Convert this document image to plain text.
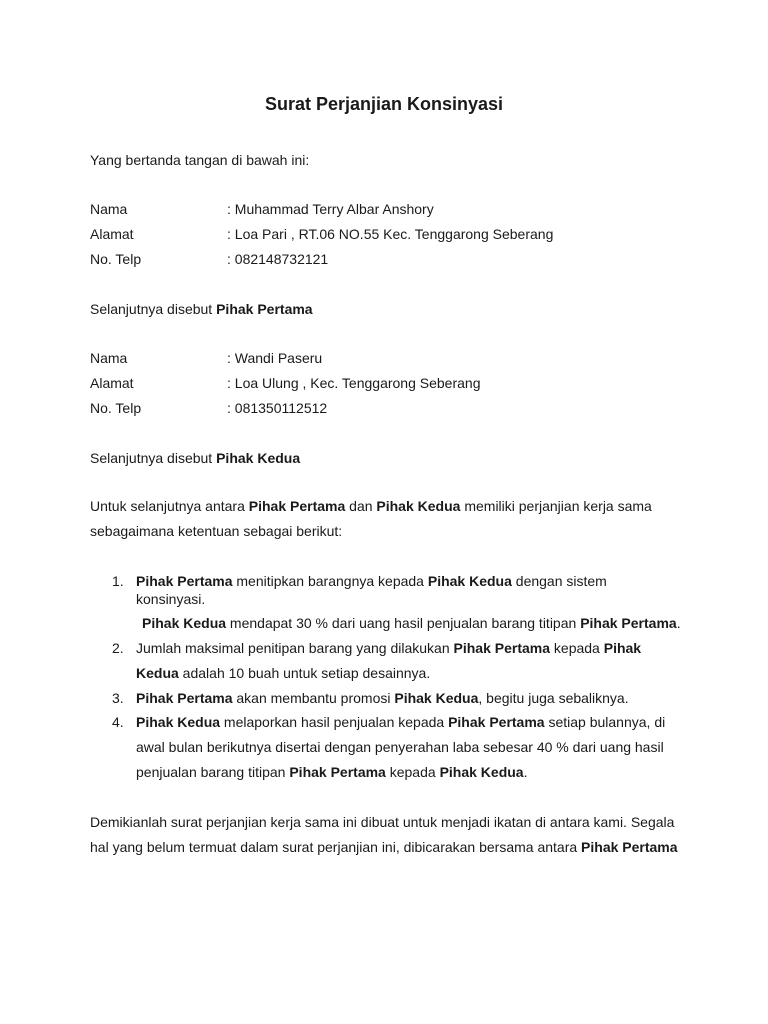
Surat Perjanjian Konsinyasi
Yang bertanda tangan di bawah ini:
Nama	: Muhammad Terry Albar Anshory
Alamat	: Loa Pari , RT.06 NO.55 Kec. Tenggarong Seberang
No. Telp	: 082148732121
Selanjutnya disebut Pihak Pertama
Nama	: Wandi Paseru
Alamat	: Loa Ulung , Kec. Tenggarong Seberang
No. Telp	: 081350112512
Selanjutnya disebut Pihak Kedua
Untuk selanjutnya antara Pihak Pertama dan Pihak Kedua memiliki perjanjian kerja sama
sebagaimana ketentuan sebagai berikut:
1. Pihak Pertama menitipkan barangnya kepada Pihak Kedua dengan sistem
konsinyasi.
Pihak Kedua mendapat 30 % dari uang hasil penjualan barang titipan Pihak Pertama.
2. Jumlah maksimal penitipan barang yang dilakukan Pihak Pertama kepada Pihak
Kedua adalah 10 buah untuk setiap desainnya.
3. Pihak Pertama akan membantu promosi Pihak Kedua, begitu juga sebaliknya.
4. Pihak Kedua melaporkan hasil penjualan kepada Pihak Pertama setiap bulannya, di
awal bulan berikutnya disertai dengan penyerahan laba sebesar 40 % dari uang hasil
penjualan barang titipan Pihak Pertama kepada Pihak Kedua.
Demikianlah surat perjanjian kerja sama ini dibuat untuk menjadi ikatan di antara kami. Segala
hal yang belum termuat dalam surat perjanjian ini, dibicarakan bersama antara Pihak Pertama
